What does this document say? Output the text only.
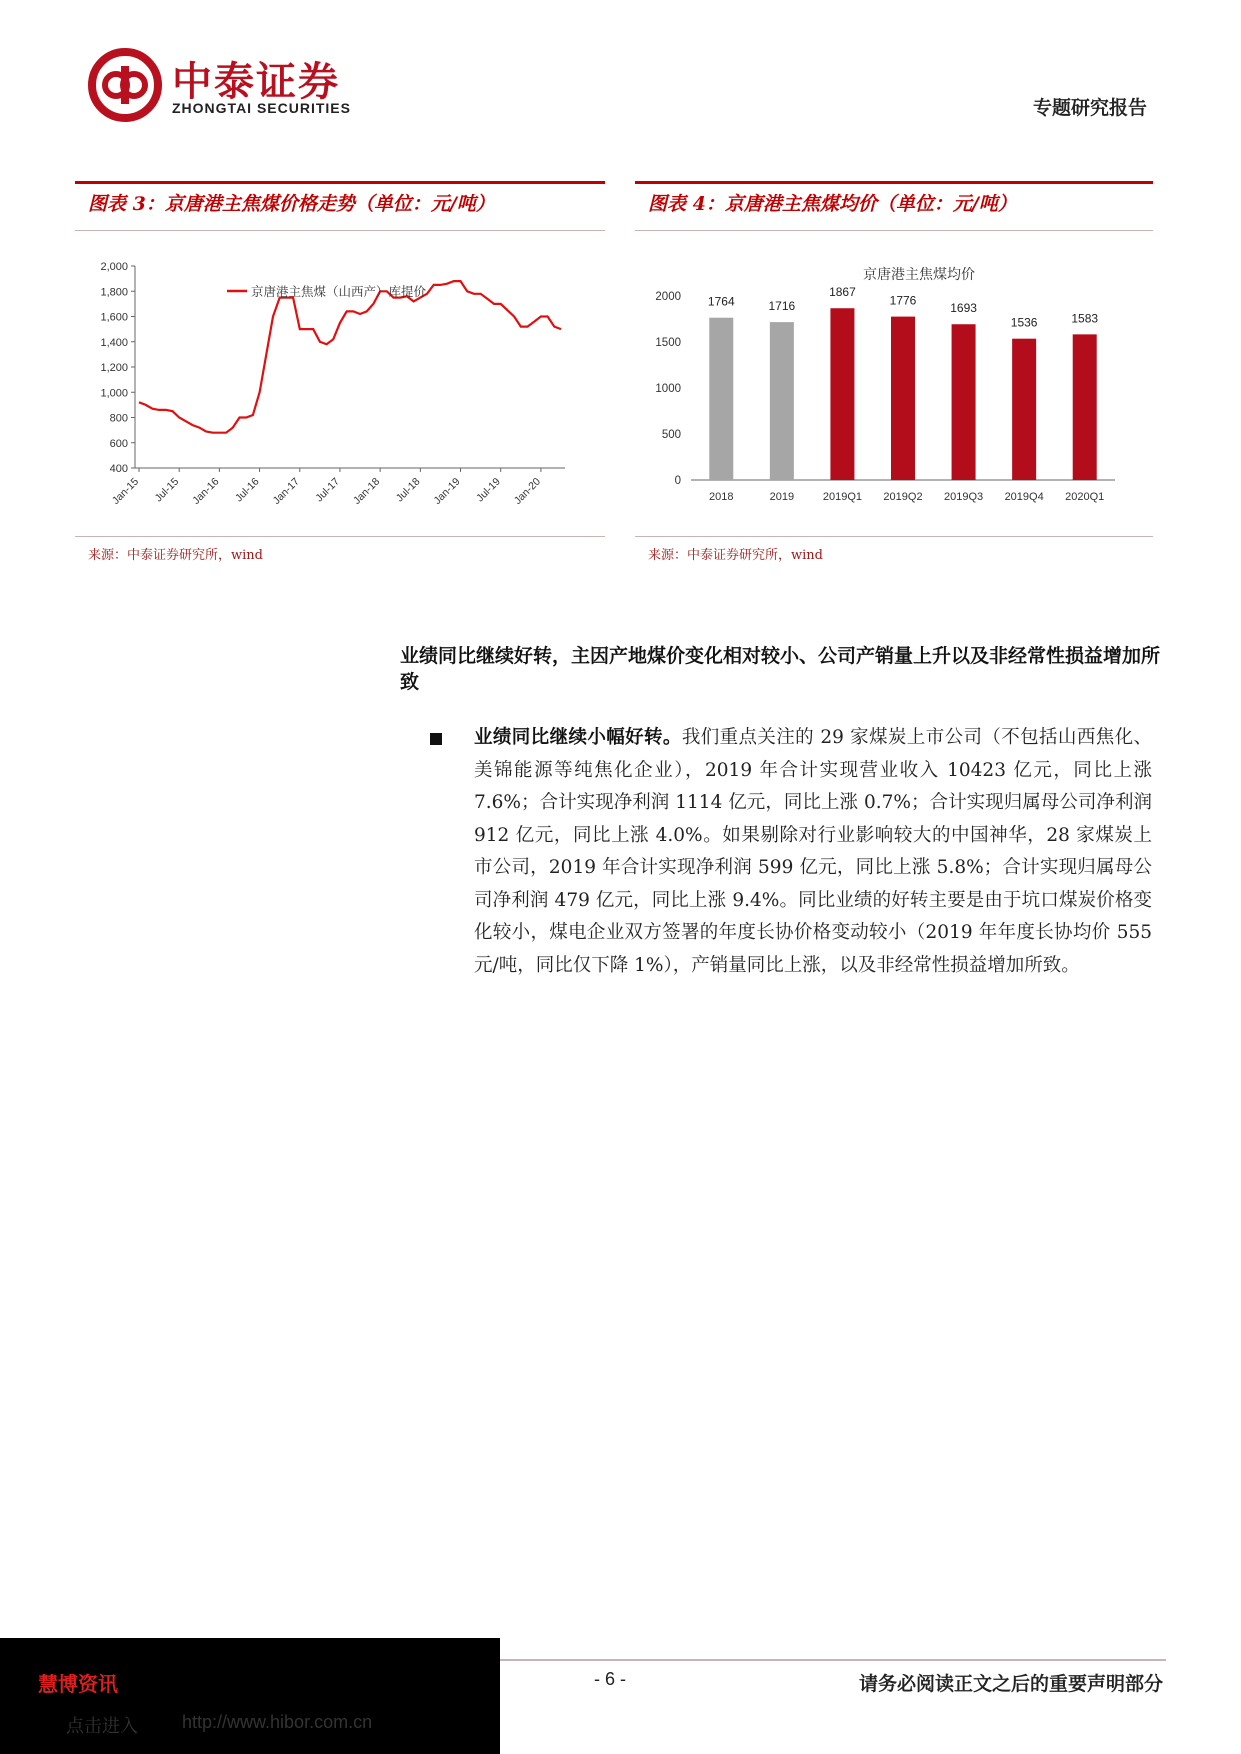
中泰证券
ZHONGTAI SECURITIES	专题研究报告
图表 3：京唐港主焦煤价格走势（单位：元/吨）
来源：中泰证券研究所，wind
2,000
1,800
1,600
1,400
1,200
1,000
800
600
400
Jan-15 Jul-15 Jan-16 Jul-16 Jan-17 Jul-17 Jan-18 Jul-18 Jan-19 Jul-19 Jan-20
京唐港主焦煤（山西产）库提价
图表 4：京唐港主焦煤均价（单位：元/吨）
来源：中泰证券研究所，wind
京唐港主焦煤均价
2000
1500
1000
500
0
1764
2018
1716
2019
1867
2019Q1
1776
2019Q2
1693
2019Q3
1536
2019Q4
1583
2020Q1
业绩同比继续好转，主因产地煤价变化相对较小、公司产销量上升以及非经常性损益增加所致
业绩同比继续小幅好转。我们重点关注的 29 家煤炭上市公司（不包括山西焦化、美锦能源等纯焦化企业），2019 年合计实现营业收入 10423 亿元，同比上涨 7.6%；合计实现净利润 1114 亿元，同比上涨 0.7%；合计实现归属母公司净利润 912 亿元，同比上涨 4.0%。如果剔除对行业影响较大的中国神华，28 家煤炭上市公司，2019 年合计实现净利润 599 亿元，同比上涨 5.8%；合计实现归属母公司净利润 479 亿元，同比上涨 9.4%。同比业绩的好转主要是由于坑口煤炭价格变化较小，煤电企业双方签署的年度长协价格变动较小（2019 年年度长协均价 555 元/吨，同比仅下降 1%），产销量同比上涨，以及非经常性损益增加所致。
慧博资讯
点击进入 http://www.hibor.com.cn
- 6 -	请务必阅读正文之后的重要声明部分
